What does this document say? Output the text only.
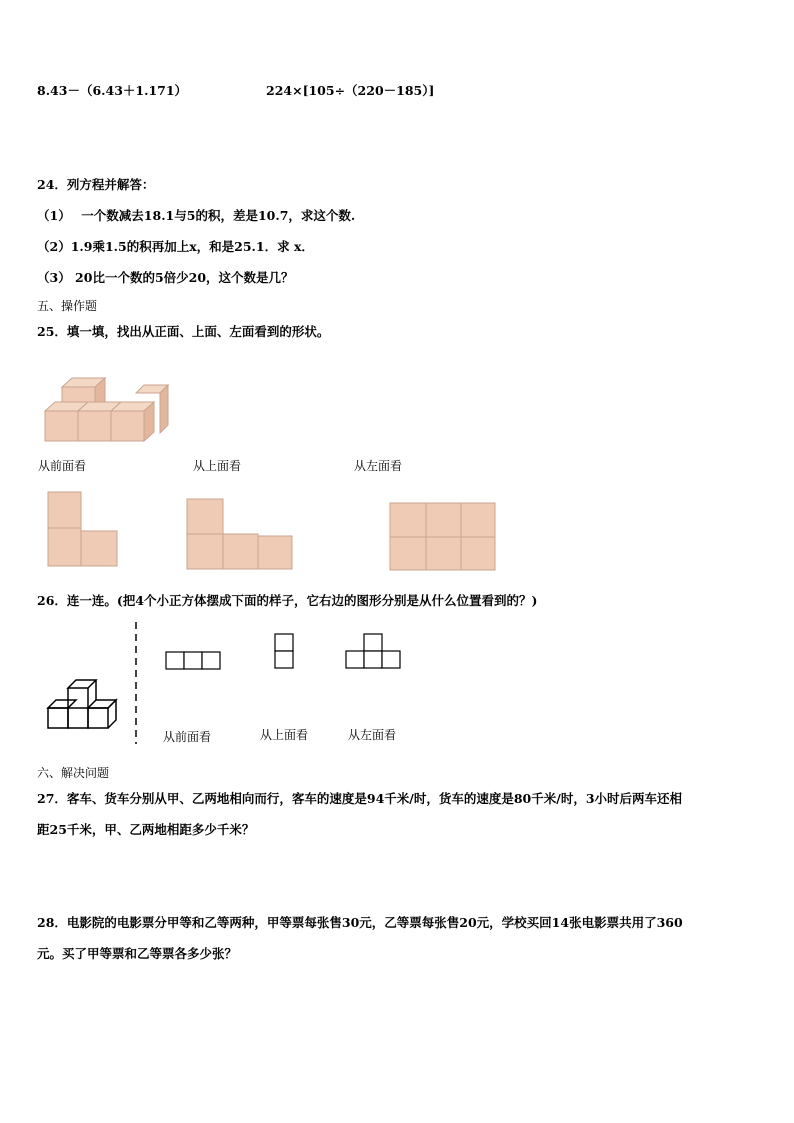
8.43－（6.43＋1.171）	224×[105÷（220－185）]
24．列方程并解答：
（1）　 一个数减去18.1与5的积，差是10.7，求这个数.
（2）1.9乘1.5的积再加上x，和是25.1．求 x．
（3） 20比一个数的5倍少20，这个数是几？
五、操作题
25．填一填，找出从正面、上面、左面看到的形状。
从前面看	从上面看	从左面看
26．连一连。(把4个小正方体摆成下面的样子，它右边的图形分别是从什么位置看到的？)
从前面看	从上面看	从左面看
六、解决问题
27．客车、货车分别从甲、乙两地相向而行，客车的速度是94千米/时，货车的速度是80千米/时，3小时后两车还相
距25千米，甲、乙两地相距多少千米？
28．电影院的电影票分甲等和乙等两种，甲等票每张售30元，乙等票每张售20元，学校买回14张电影票共用了360
元。买了甲等票和乙等票各多少张？
